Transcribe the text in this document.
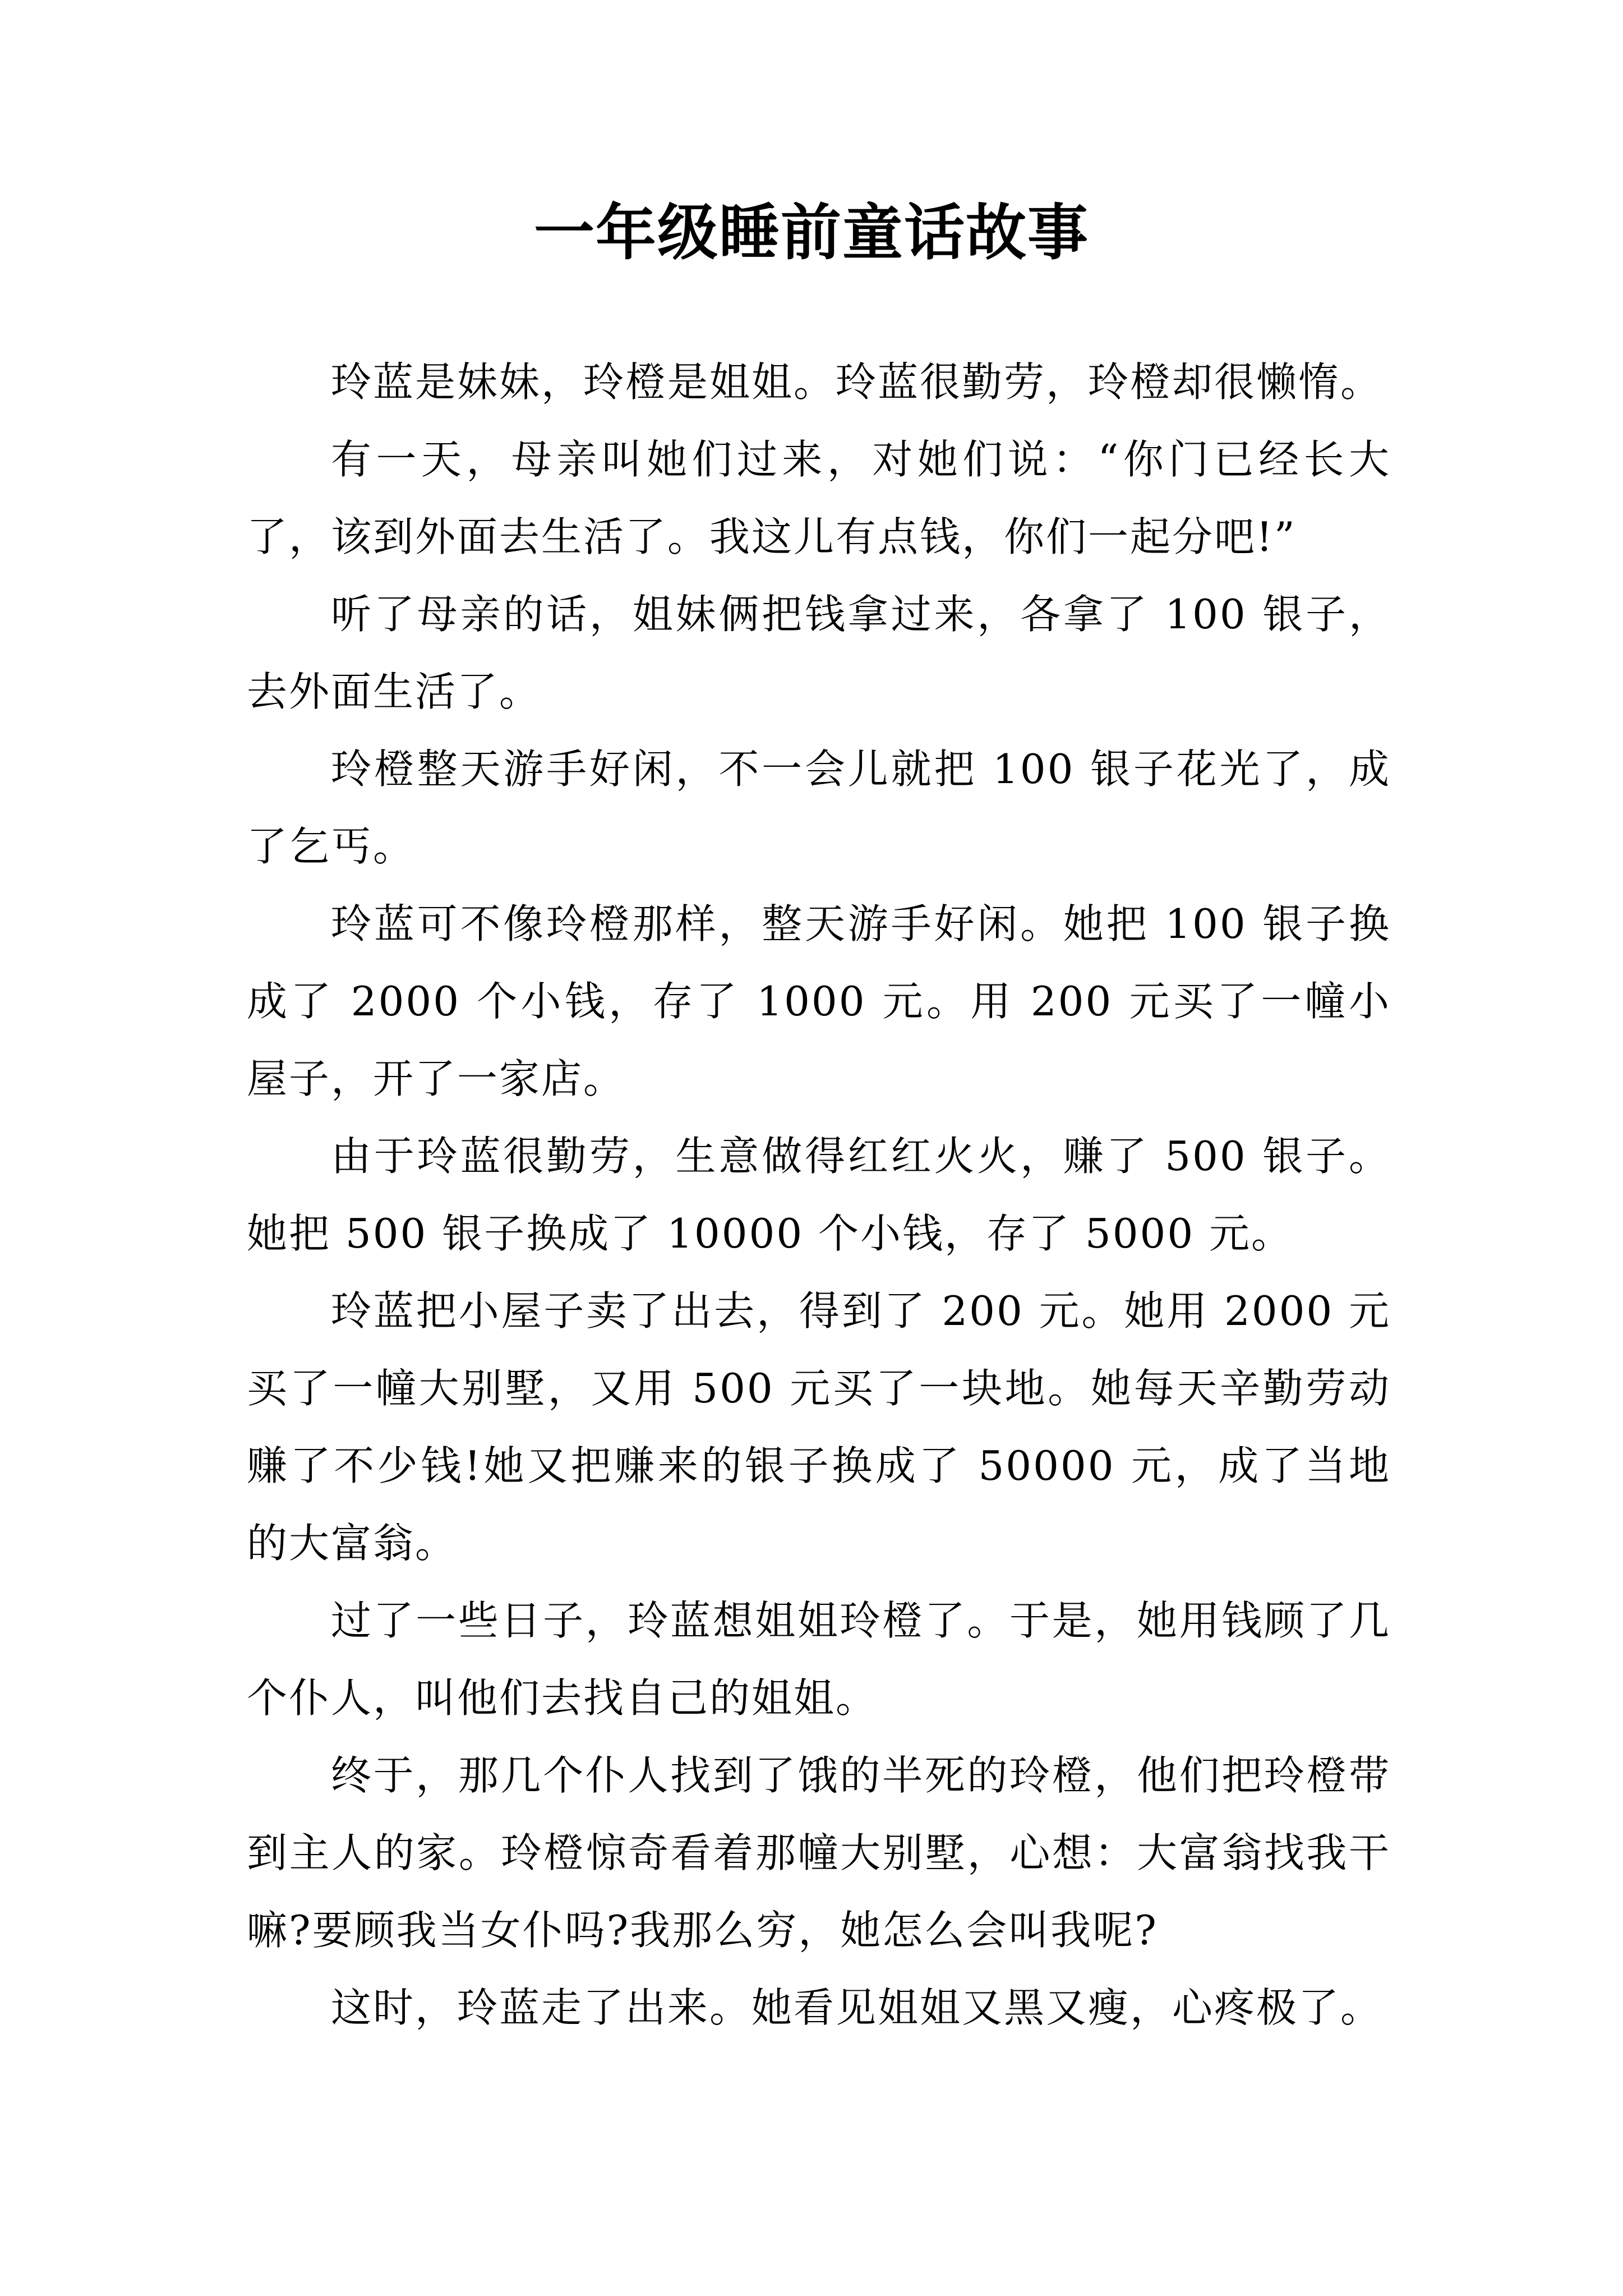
一年级睡前童话故事

玲蓝是妹妹，玲橙是姐姐。玲蓝很勤劳，玲橙却很懒惰。

有一天，母亲叫她们过来，对她们说：“你门已经长大了，该到外面去生活了。我这儿有点钱，你们一起分吧!”

听了母亲的话，姐妹俩把钱拿过来，各拿了 100 银子，去外面生活了。

玲橙整天游手好闲，不一会儿就把 100 银子花光了，成了乞丐。

玲蓝可不像玲橙那样，整天游手好闲。她把 100 银子换成了 2000 个小钱，存了 1000 元。用 200 元买了一幢小屋子，开了一家店。

由于玲蓝很勤劳，生意做得红红火火，赚了 500 银子。她把 500 银子换成了 10000 个小钱，存了 5000 元。

玲蓝把小屋子卖了出去，得到了 200 元。她用 2000 元买了一幢大别墅，又用 500 元买了一块地。她每天辛勤劳动赚了不少钱!她又把赚来的银子换成了 50000 元，成了当地的大富翁。

过了一些日子，玲蓝想姐姐玲橙了。于是，她用钱顾了几个仆人，叫他们去找自己的姐姐。

终于，那几个仆人找到了饿的半死的玲橙，他们把玲橙带到主人的家。玲橙惊奇看着那幢大别墅，心想：大富翁找我干嘛?要顾我当女仆吗?我那么穷，她怎么会叫我呢?

这时，玲蓝走了出来。她看见姐姐又黑又瘦，心疼极了。
